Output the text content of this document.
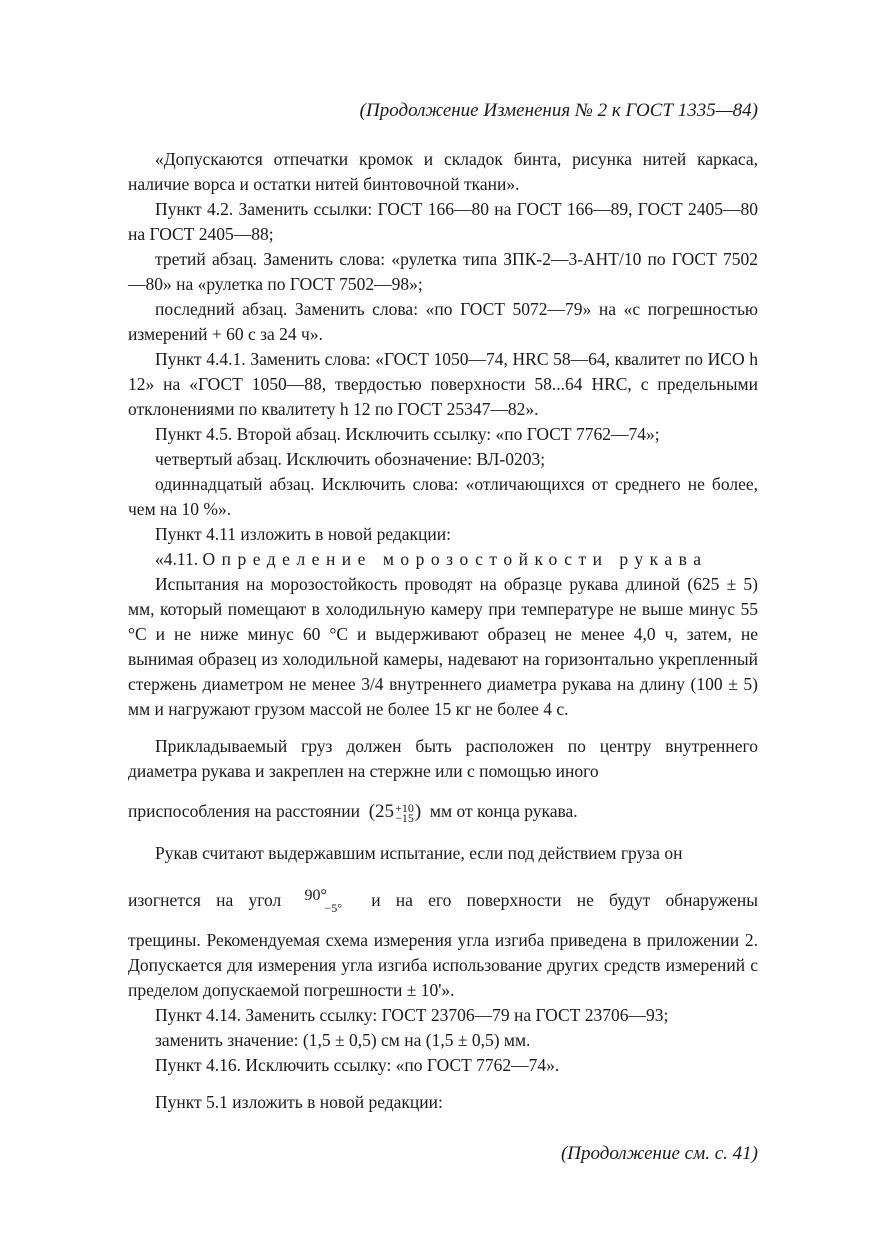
(Продолжение Изменения № 2 к ГОСТ 1335—84)

«Допускаются отпечатки кромок и складок бинта, рисунка нитей каркаса, наличие ворса и остатки нитей бинтовочной ткани».

Пункт 4.2. Заменить ссылки: ГОСТ 166—80 на ГОСТ 166—89, ГОСТ 2405—80 на ГОСТ 2405—88;

третий абзац. Заменить слова: «рулетка типа ЗПК-2—3-АНТ/10 по ГОСТ 7502—80» на «рулетка по ГОСТ 7502—98»;

последний абзац. Заменить слова: «по ГОСТ 5072—79» на «с погрешностью измерений + 60 с за 24 ч».

Пункт 4.4.1. Заменить слова: «ГОСТ 1050—74, HRC 58—64, квалитет по ИСО h 12» на «ГОСТ 1050—88, твердостью поверхности 58...64 HRC, с предельными отклонениями по квалитету h 12 по ГОСТ 25347—82».

Пункт 4.5. Второй абзац. Исключить ссылку: «по ГОСТ 7762—74»;

четвертый абзац. Исключить обозначение: ВЛ-0203;

одиннадцатый абзац. Исключить слова: «отличающихся от среднего не более, чем на 10 %».

Пункт 4.11 изложить в новой редакции:

«4.11. Определение морозостойкости рукава

Испытания на морозостойкость проводят на образце рукава длиной (625 ± 5) мм, который помещают в холодильную камеру при температуре не выше минус 55 °С и не ниже минус 60 °С и выдерживают образец не менее 4,0 ч, затем, не вынимая образец из холодильной камеры, надевают на горизонтально укрепленный стержень диаметром не менее 3/4 внутреннего диаметра рукава на длину (100 ± 5) мм и нагружают грузом массой не более 15 кг не более 4 с.

Прикладываемый груз должен быть расположен по центру внутреннего диаметра рукава и закреплен на стержне или с помощью иного

приспособления на расстоянии (25 +10
−15 ) мм от конца рукава.

Рукав считают выдержавшим испытание, если под действием груза он

изогнется на угол 90°
−5° и на его поверхности не будут обнаружены

трещины. Рекомендуемая схема измерения угла изгиба приведена в приложении 2. Допускается для измерения угла изгиба использование других средств измерений с пределом допускаемой погрешности ± 10'».

Пункт 4.14. Заменить ссылку: ГОСТ 23706—79 на ГОСТ 23706—93;

заменить значение: (1,5 ± 0,5) см на (1,5 ± 0,5) мм.

Пункт 4.16. Исключить ссылку: «по ГОСТ 7762—74».

Пункт 5.1 изложить в новой редакции:

(Продолжение см. с. 41)
